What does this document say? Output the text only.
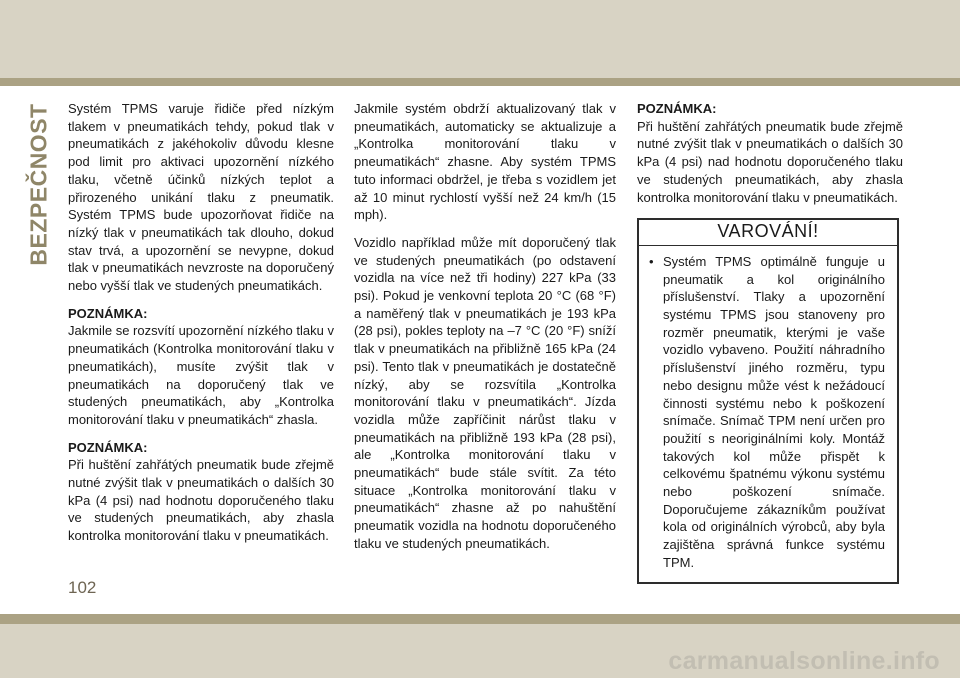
BEZPEČNOST Systém TPMS varuje řidiče před nízkým tlakem v pneumatikách tehdy, pokud tlak v pneumatikách z jakéhokoliv důvodu klesne pod limit pro aktivaci upozornění nízkého tlaku, včetně účinků nízkých teplot a přirozeného unikání tlaku z pneumatik. Systém TPMS bude upozorňovat řidiče na nízký tlak v pneumatikách tak dlouho, dokud stav trvá, a upozornění se nevypne, dokud tlak v pneumatikách nevzroste na doporučený nebo vyšší tlak ve studených pneumatikách.

POZNÁMKA:

Jakmile se rozsvítí upozornění nízkého tlaku v pneumatikách (Kontrolka monitorování tlaku v pneumatikách), musíte zvýšit tlak v pneumatikách na doporučený tlak ve studených pneumatikách, aby „Kontrolka monitorování tlaku v pneumatikách“ zhasla.

POZNÁMKA:

Při huštění zahřátých pneumatik bude zřejmě nutné zvýšit tlak v pneumatikách o dalších 30 kPa (4 psi) nad hodnotu doporučeného tlaku ve studených pneumatikách, aby zhasla kontrolka monitorování tlaku v pneumatikách.

Jakmile systém obdrží aktualizovaný tlak v pneumatikách, automaticky se aktualizuje a „Kontrolka monitorování tlaku v pneumatikách“ zhasne. Aby systém TPMS tuto informaci obdržel, je třeba s vozidlem jet až 10 minut rychlostí vyšší než 24 km/h (15 mph).

Vozidlo například může mít doporučený tlak ve studených pneumatikách (po odstavení vozidla na více než tři hodiny) 227 kPa (33 psi). Pokud je venkovní teplota 20 °C (68 °F) a naměřený tlak v pneumatikách je 193 kPa (28 psi), pokles teploty na –7 °C (20 °F) sníží tlak v pneumatikách na přibližně 165 kPa (24 psi). Tento tlak v pneumatikách je dostatečně nízký, aby se rozsvítila „Kontrolka monitorování tlaku v pneumatikách“. Jízda vozidla může zapříčinit nárůst tlaku v pneumatikách na přibližně 193 kPa (28 psi), ale „Kontrolka monitorování tlaku v pneumatikách“ bude stále svítit. Za této situace „Kontrolka monitorování tlaku v pneumatikách“ zhasne až po nahuštění pneumatik vozidla na hodnotu doporučeného tlaku ve studených pneumatikách.

POZNÁMKA:

Při huštění zahřátých pneumatik bude zřejmě nutné zvýšit tlak v pneumatikách o dalších 30 kPa (4 psi) nad hodnotu doporučeného tlaku ve studených pneumatikách, aby zhasla kontrolka monitorování tlaku v pneumatikách.

VAROVÁNÍ!
• Systém TPMS optimálně funguje u pneumatik a kol originálního příslušenství. Tlaky a upozornění systému TPMS jsou stanoveny pro rozměr pneumatik, kterými je vaše vozidlo vybaveno. Použití náhradního příslušenství jiného rozměru, typu nebo designu může vést k nežádoucí činnosti systému nebo k poškození snímače. Snímač TPM není určen pro použití s neoriginálními koly. Montáž takových kol může přispět k celkovému špatnému výkonu systému nebo poškození snímače. Doporučujeme zákazníkům používat kola od originálních výrobců, aby byla zajištěna správná funkce systému TPM.
102
carmanualsonline.info
